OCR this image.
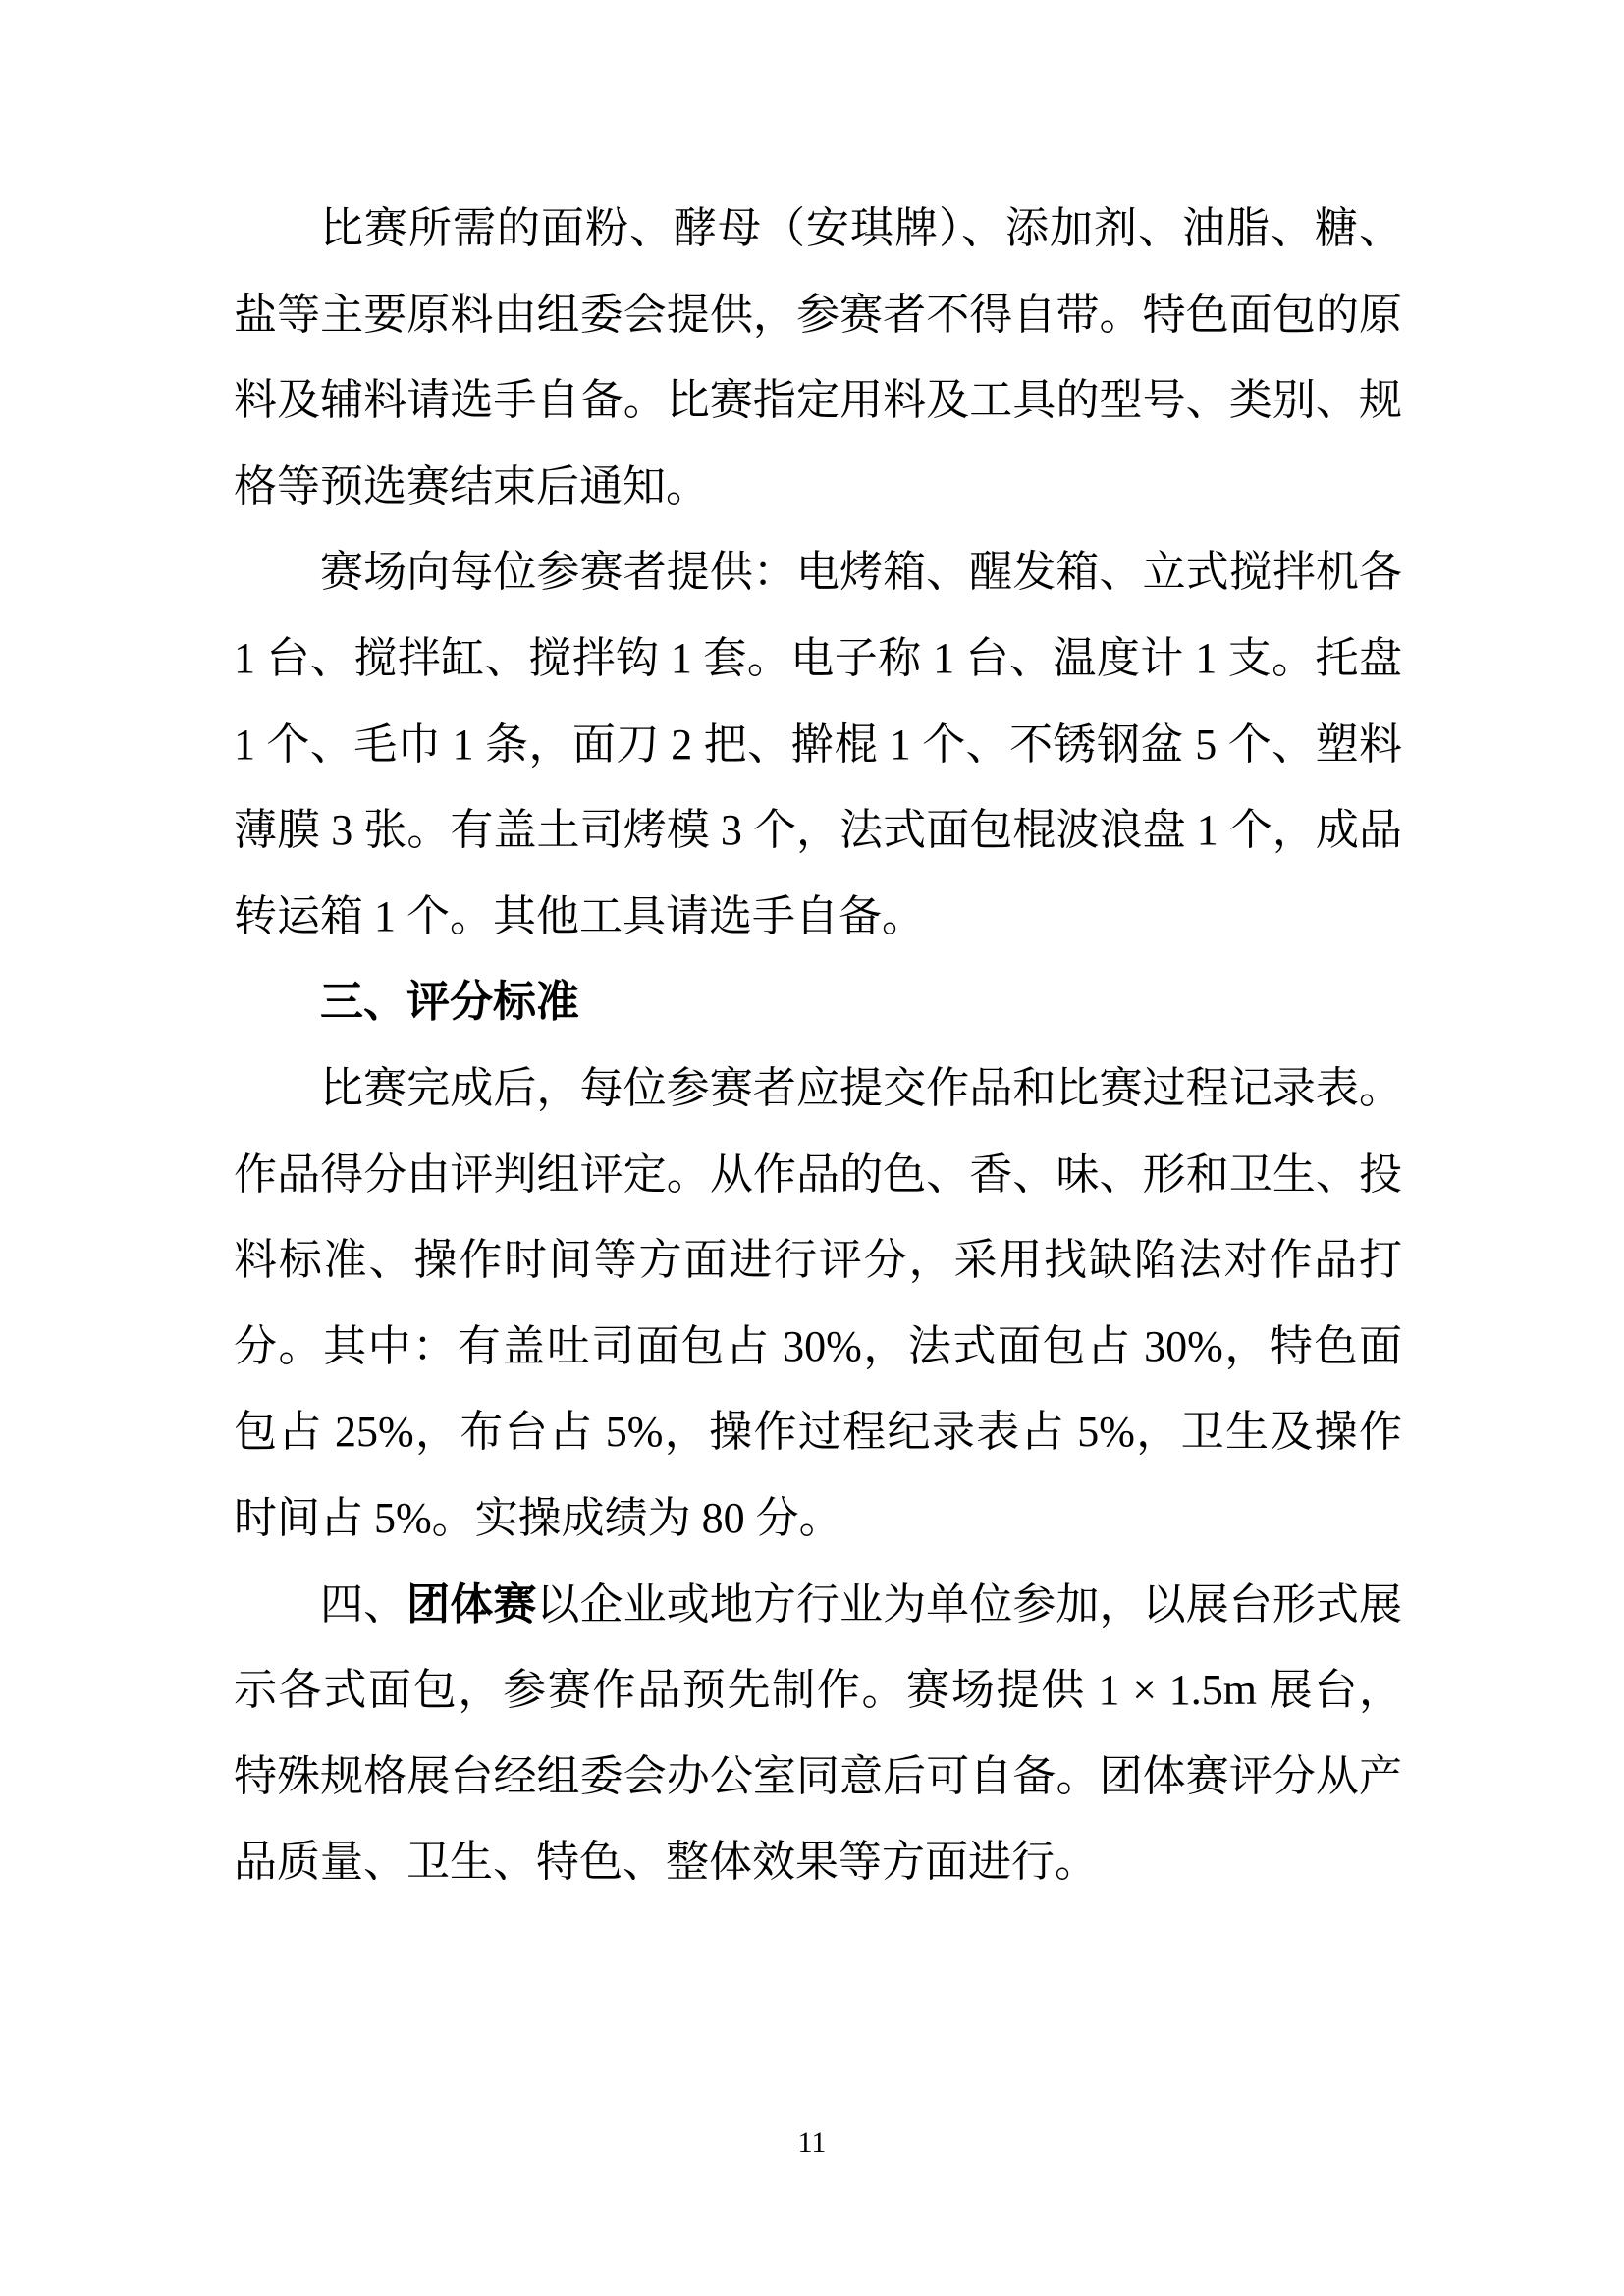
比赛所需的面粉、酵母（安琪牌）、添加剂、油脂、糖、盐等主要原料由组委会提供，参赛者不得自带。特色面包的原料及辅料请选手自备。比赛指定用料及工具的型号、类别、规格等预选赛结束后通知。

赛场向每位参赛者提供：电烤箱、醒发箱、立式搅拌机各 1 台、搅拌缸、搅拌钩 1 套。电子称 1 台、温度计 1 支。托盘 1 个、毛巾 1 条，面刀 2 把、擀棍 1 个、不锈钢盆 5 个、塑料薄膜 3 张。有盖土司烤模 3 个，法式面包棍波浪盘 1 个，成品转运箱 1 个。其他工具请选手自备。

三、评分标准

比赛完成后，每位参赛者应提交作品和比赛过程记录表。作品得分由评判组评定。从作品的色、香、味、形和卫生、投料标准、操作时间等方面进行评分，采用找缺陷法对作品打分。其中：有盖吐司面包占 30%，法式面包占 30%，特色面包占 25%，布台占 5%，操作过程纪录表占 5%，卫生及操作时间占 5%。实操成绩为 80 分。

四、团体赛以企业或地方行业为单位参加，以展台形式展示各式面包，参赛作品预先制作。赛场提供 1 × 1.5m 展台，特殊规格展台经组委会办公室同意后可自备。团体赛评分从产品质量、卫生、特色、整体效果等方面进行。

11
